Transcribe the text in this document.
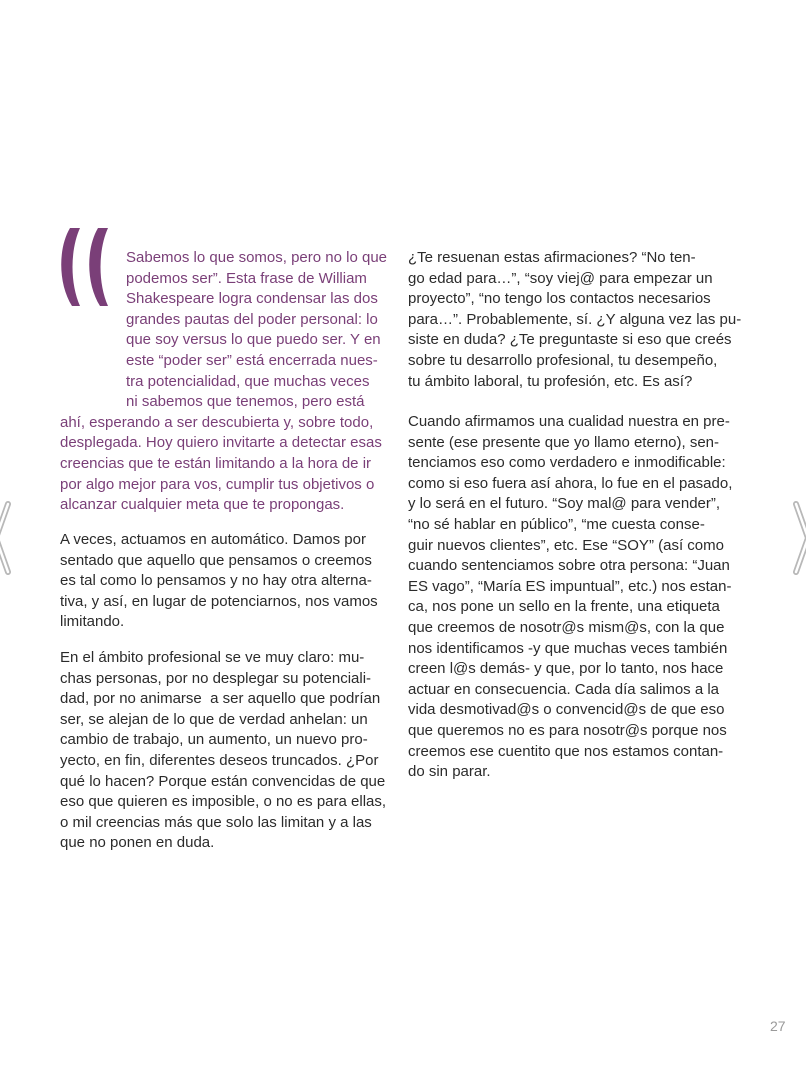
Sabemos lo que somos, pero no lo que
podemos ser”. Esta frase de William
Shakespeare logra condensar las dos
grandes pautas del poder personal: lo
que soy versus lo que puedo ser. Y en
este “poder ser” está encerrada nues-
tra potencialidad, que muchas veces
ni sabemos que tenemos, pero está
ahí, esperando a ser descubierta y, sobre todo,
desplegada. Hoy quiero invitarte a detectar esas
creencias que te están limitando a la hora de ir
por algo mejor para vos, cumplir tus objetivos o
alcanzar cualquier meta que te propongas.
A veces, actuamos en automático. Damos por
sentado que aquello que pensamos o creemos
es tal como lo pensamos y no hay otra alterna-
tiva, y así, en lugar de potenciarnos, nos vamos
limitando.
En el ámbito profesional se ve muy claro: mu-
chas personas, por no desplegar su potenciali-
dad, por no animarse  a ser aquello que podrían
ser, se alejan de lo que de verdad anhelan: un
cambio de trabajo, un aumento, un nuevo pro-
yecto, en fin, diferentes deseos truncados. ¿Por
qué lo hacen? Porque están convencidas de que
eso que quieren es imposible, o no es para ellas,
o mil creencias más que solo las limitan y a las
que no ponen en duda.
¿Te resuenan estas afirmaciones? “No ten-
go edad para…”, “soy viej@ para empezar un
proyecto”, “no tengo los contactos necesarios
para…”. Probablemente, sí. ¿Y alguna vez las pu-
siste en duda? ¿Te preguntaste si eso que creés
sobre tu desarrollo profesional, tu desempeño,
tu ámbito laboral, tu profesión, etc. Es así?
Cuando afirmamos una cualidad nuestra en pre-
sente (ese presente que yo llamo eterno), sen-
tenciamos eso como verdadero e inmodificable:
como si eso fuera así ahora, lo fue en el pasado,
y lo será en el futuro. “Soy mal@ para vender”,
“no sé hablar en público”, “me cuesta conse-
guir nuevos clientes”, etc. Ese “SOY” (así como
cuando sentenciamos sobre otra persona: “Juan
ES vago”, “María ES impuntual”, etc.) nos estan-
ca, nos pone un sello en la frente, una etiqueta
que creemos de nosotr@s mism@s, con la que
nos identificamos -y que muchas veces también
creen l@s demás- y que, por lo tanto, nos hace
actuar en consecuencia. Cada día salimos a la
vida desmotivad@s o convencid@s de que eso
que queremos no es para nosotr@s porque nos
creemos ese cuentito que nos estamos contan-
do sin parar.
27
